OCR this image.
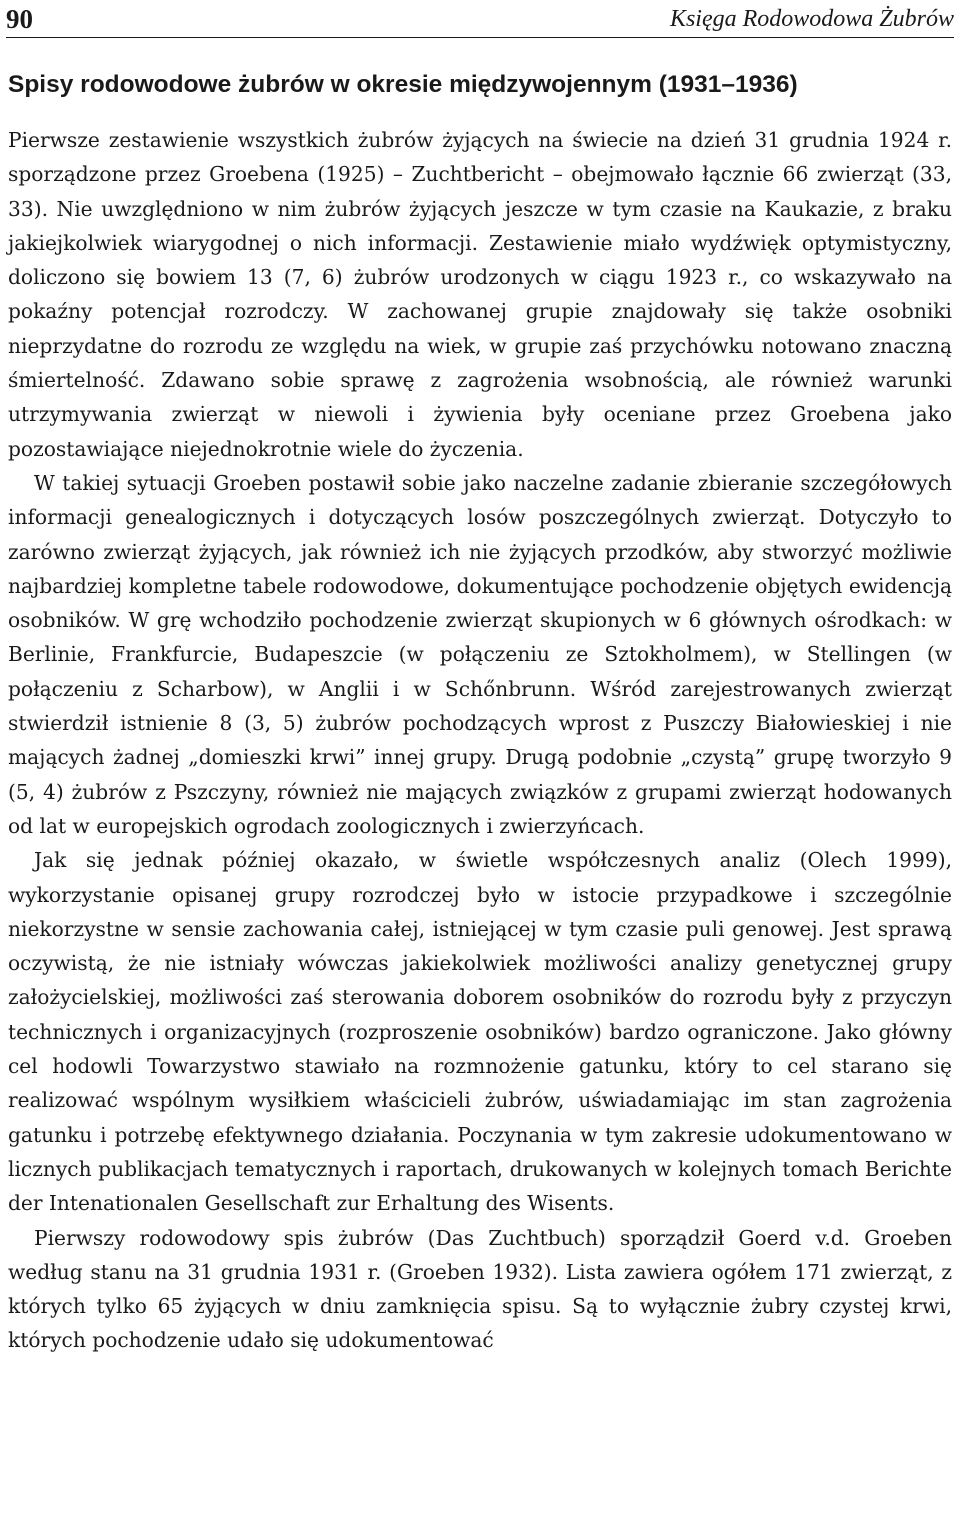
90	Księga Rodowodowa Żubrów
Spisy rodowodowe żubrów w okresie międzywojennym (1931–1936)

Pierwsze zestawienie wszystkich żubrów żyjących na świecie na dzień 31 grudnia 1924 r. sporządzone przez Groebena (1925) – Zuchtbericht – obejmowało łącznie 66 zwierząt (33, 33). Nie uwzględniono w nim żubrów żyjących jeszcze w tym czasie na Kaukazie, z braku jakiejkolwiek wiarygodnej o nich informacji. Zestawienie miało wydźwięk optymistyczny, doliczono się bowiem 13 (7, 6) żubrów urodzonych w ciągu 1923 r., co wskazywało na pokaźny potencjał rozrodczy. W zachowanej grupie znajdowały się także osobniki nieprzydatne do rozrodu ze względu na wiek, w grupie zaś przychówku notowano znaczną śmiertelność. Zdawano sobie sprawę z zagrożenia wsobnością, ale również warunki utrzymywania zwierząt w niewoli i żywienia były oceniane przez Groebena jako pozostawiające niejednokrotnie wiele do życzenia.

W takiej sytuacji Groeben postawił sobie jako naczelne zadanie zbieranie szczegółowych informacji genealogicznych i dotyczących losów poszczególnych zwierząt. Dotyczyło to zarówno zwierząt żyjących, jak również ich nie żyjących przodków, aby stworzyć możliwie najbardziej kompletne tabele rodowodowe, dokumentujące pochodzenie objętych ewidencją osobników. W grę wchodziło pochodzenie zwierząt skupionych w 6 głównych ośrodkach: w Berlinie, Frankfurcie, Budapeszcie (w połączeniu ze Sztokholmem), w Stellingen (w połączeniu z Scharbow), w Anglii i w Schőnbrunn. Wśród zarejestrowanych zwierząt stwierdził istnienie 8 (3, 5) żubrów pochodzących wprost z Puszczy Białowieskiej i nie mających żadnej „domieszki krwi” innej grupy. Drugą podobnie „czystą” grupę tworzyło 9 (5, 4) żubrów z Pszczyny, również nie mających związków z grupami zwierząt hodowanych od lat w europejskich ogrodach zoologicznych i zwierzyńcach.

Jak się jednak później okazało, w świetle współczesnych analiz (Olech 1999), wykorzystanie opisanej grupy rozrodczej było w istocie przypadkowe i szczególnie niekorzystne w sensie zachowania całej, istniejącej w tym czasie puli genowej. Jest sprawą oczywistą, że nie istniały wówczas jakiekolwiek możliwości analizy genetycznej grupy założycielskiej, możliwości zaś sterowania doborem osobników do rozrodu były z przyczyn technicznych i organizacyjnych (rozproszenie osobników) bardzo ograniczone. Jako główny cel hodowli Towarzystwo stawiało na rozmnożenie gatunku, który to cel starano się realizować wspólnym wysiłkiem właścicieli żubrów, uświadamiając im stan zagrożenia gatunku i potrzebę efektywnego działania. Poczynania w tym zakresie udokumentowano w licznych publikacjach tematycznych i raportach, drukowanych w kolejnych tomach Berichte der Intenationalen Gesellschaft zur Erhaltung des Wisents.

Pierwszy rodowodowy spis żubrów (Das Zuchtbuch) sporządził Goerd v.d. Groeben według stanu na 31 grudnia 1931 r. (Groeben 1932). Lista zawiera ogółem 171 zwierząt, z których tylko 65 żyjących w dniu zamknięcia spisu. Są to wyłącznie żubry czystej krwi, których pochodzenie udało się udokumentować
